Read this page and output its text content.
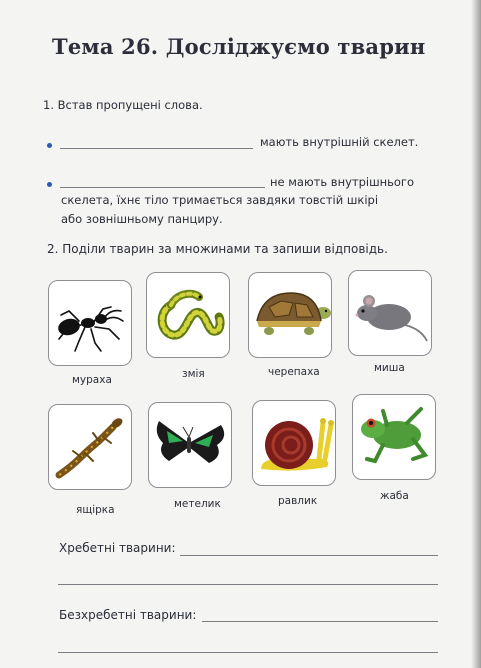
Тема 26. Досліджуємо тварин
1. Встав пропущені слова.
мають внутрішній скелет.
не мають внутрішнього
скелета, їхнє тіло тримається завдяки товстій шкірі
або зовнішньому панциру.
2. Поділи тварин за множинами та запиши відповідь.
мураха	змія	черепаха	миша
ящірка	метелик	равлик	жаба
Хребетні тварини:
Безхребетні тварини:
